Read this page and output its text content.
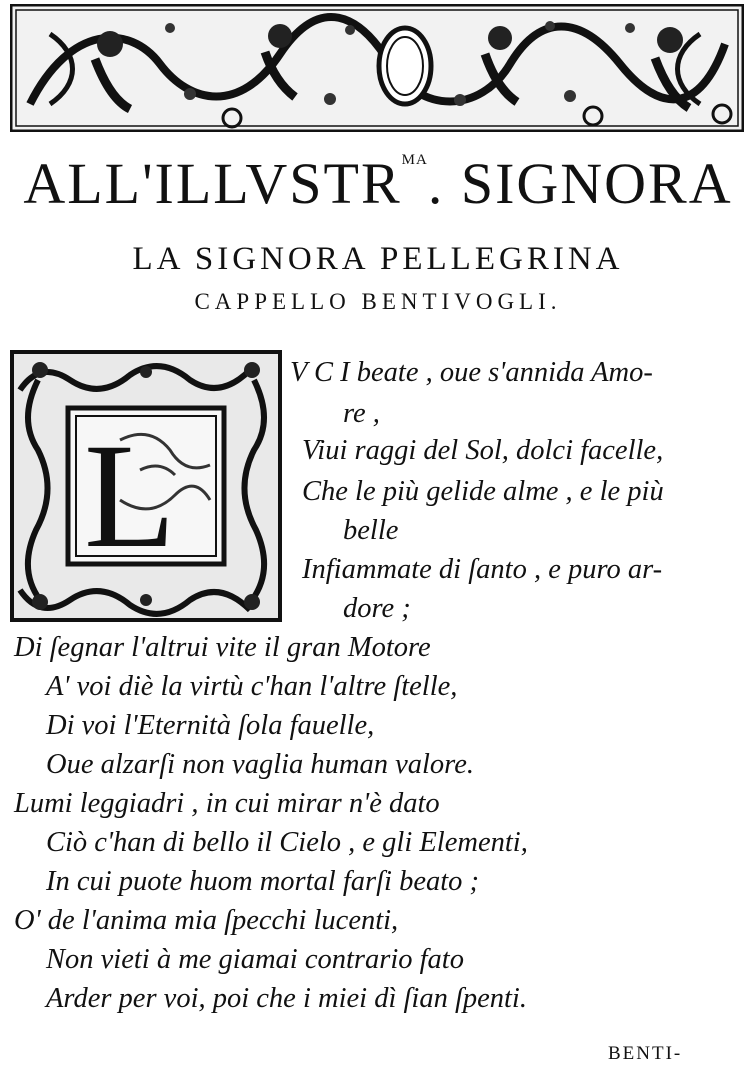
$ALL'ILLVSTR^{MA}$. SIGNORA
LA SIGNORA PELLEGRINA
CAPPELLO BENTIVOGLI.
L
V C I beate , oue s'annida Amo-
re ,
Viui raggi del Sol, dolci facelle,
Che le più gelide alme , e le più
belle
Infiammate di ſanto , e puro ar-
dore ;
Di ſegnar l'altrui vite il gran Motore
A' voi diè la virtù c'han l'altre ſtelle,
Di voi l'Eternità ſola fauelle,
Oue alzarſi non vaglia human valore.
Lumi leggiadri , in cui mirar n'è dato
Ciò c'han di bello il Cielo , e gli Elementi,
In cui puote huom mortal farſi beato ;
O' de l'anima mia ſpecchi lucenti,
Non vieti à me giamai contrario fato
Arder per voi, poi che i miei dì ſian ſpenti.
BENTI-
